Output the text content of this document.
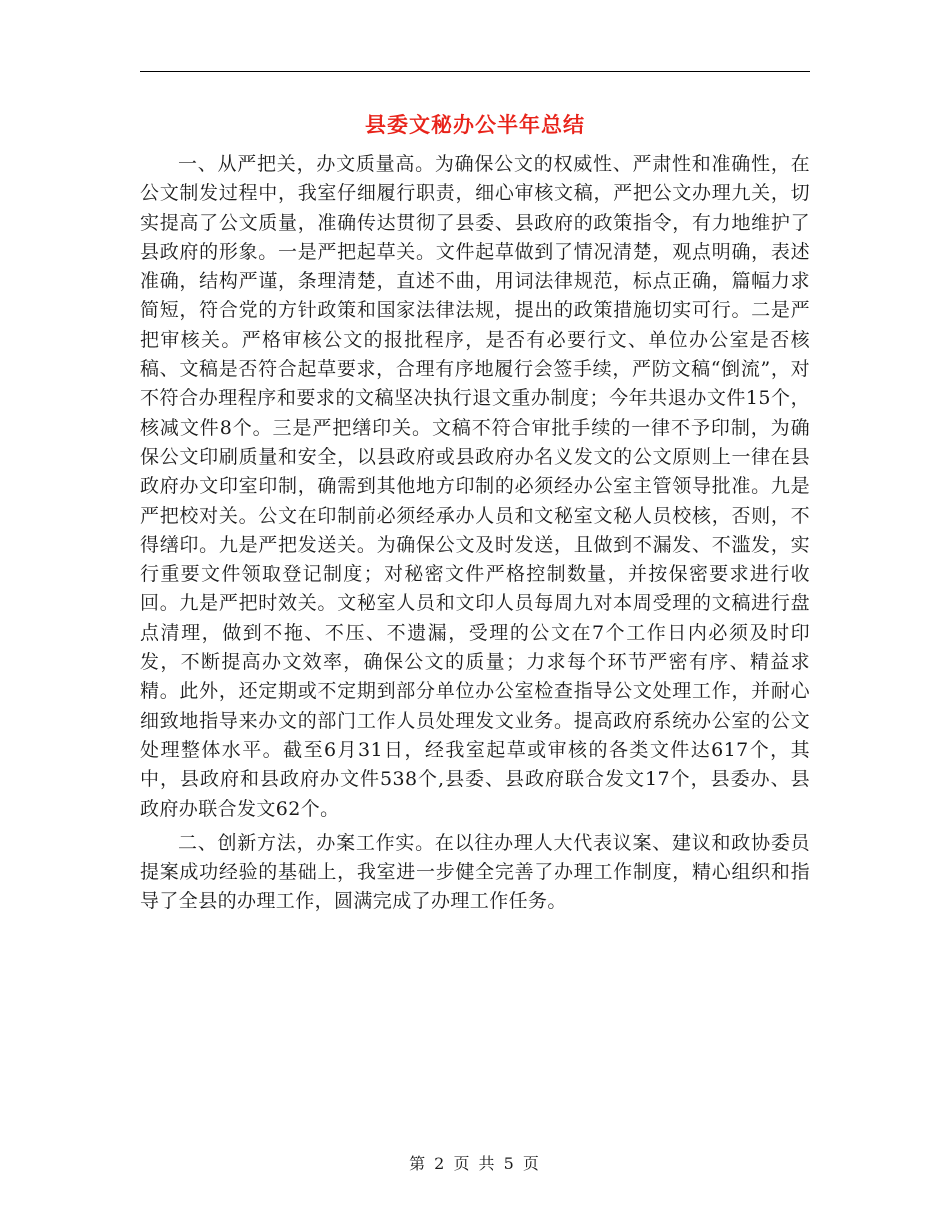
县委文秘办公半年总结

一、从严把关，办文质量高。为确保公文的权威性、严肃性和准确性，在公文制发过程中，我室仔细履行职责，细心审核文稿，严把公文办理九关，切实提高了公文质量，准确传达贯彻了县委、县政府的政策指令，有力地维护了县政府的形象。一是严把起草关。文件起草做到了情况清楚，观点明确，表述准确，结构严谨，条理清楚，直述不曲，用词法律规范，标点正确，篇幅力求简短，符合党的方针政策和国家法律法规，提出的政策措施切实可行。二是严把审核关。严格审核公文的报批程序，是否有必要行文、单位办公室是否核稿、文稿是否符合起草要求，合理有序地履行会签手续，严防文稿“倒流”，对不符合办理程序和要求的文稿坚决执行退文重办制度；今年共退办文件15个，核减文件8个。三是严把缮印关。文稿不符合审批手续的一律不予印制，为确保公文印刷质量和安全，以县政府或县政府办名义发文的公文原则上一律在县政府办文印室印制，确需到其他地方印制的必须经办公室主管领导批准。九是严把校对关。公文在印制前必须经承办人员和文秘室文秘人员校核，否则，不得缮印。九是严把发送关。为确保公文及时发送，且做到不漏发、不滥发，实行重要文件领取登记制度；对秘密文件严格控制数量，并按保密要求进行收回。九是严把时效关。文秘室人员和文印人员每周九对本周受理的文稿进行盘点清理，做到不拖、不压、不遗漏，受理的公文在7个工作日内必须及时印发，不断提高办文效率，确保公文的质量；力求每个环节严密有序、精益求精。此外，还定期或不定期到部分单位办公室检查指导公文处理工作，并耐心细致地指导来办文的部门工作人员处理发文业务。提高政府系统办公室的公文处理整体水平。截至6月31日，经我室起草或审核的各类文件达617个，其中，县政府和县政府办文件538个,县委、县政府联合发文17个，县委办、县政府办联合发文62个。

二、创新方法，办案工作实。在以往办理人大代表议案、建议和政协委员提案成功经验的基础上，我室进一步健全完善了办理工作制度，精心组织和指导了全县的办理工作，圆满完成了办理工作任务。

第 2 页 共 5 页
